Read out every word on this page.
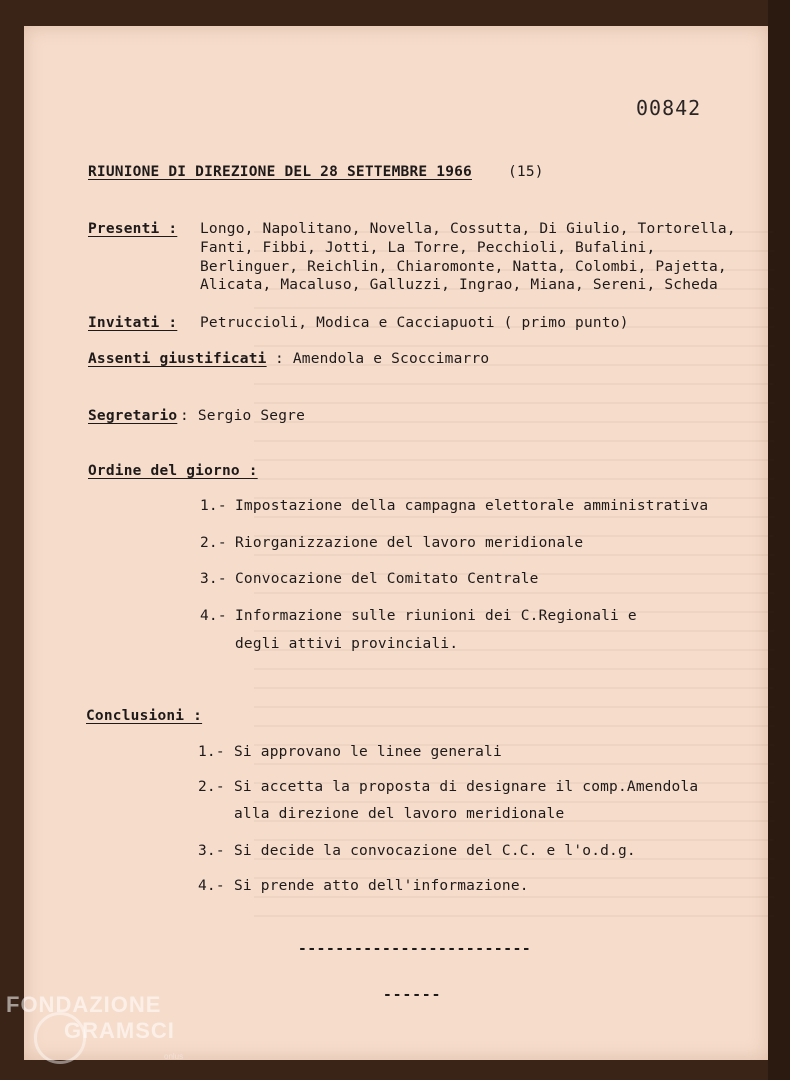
00842
RIUNIONE DI DIREZIONE DEL 28 SETTEMBRE 1966 (15)
Presenti : Longo, Napolitano, Novella, Cossutta, Di Giulio, Tortorella,
Fanti, Fibbi, Jotti, La Torre, Pecchioli, Bufalini,
Berlinguer, Reichlin, Chiaromonte, Natta, Colombi, Pajetta,
Alicata, Macaluso, Galluzzi, Ingrao, Miana, Sereni, Scheda
Invitati : Petruccioli, Modica e Cacciapuoti ( primo punto)
Assenti giustificati : Amendola e Scoccimarro
Segretario : Sergio Segre
Ordine del giorno :
1.- Impostazione della campagna elettorale amministrativa
2.- Riorganizzazione del lavoro meridionale
3.- Convocazione del Comitato Centrale
4.- Informazione sulle riunioni dei C.Regionali e
degli attivi provinciali.
Conclusioni :
1.- Si approvano le linee generali
2.- Si accetta la proposta di designare il comp.Amendola
alla direzione del lavoro meridionale
3.- Si decide la convocazione del C.C. e l'o.d.g.
4.- Si prende atto dell'informazione.
-------------------------
------
FONDAZIONE
GRAMSCI
onlus
